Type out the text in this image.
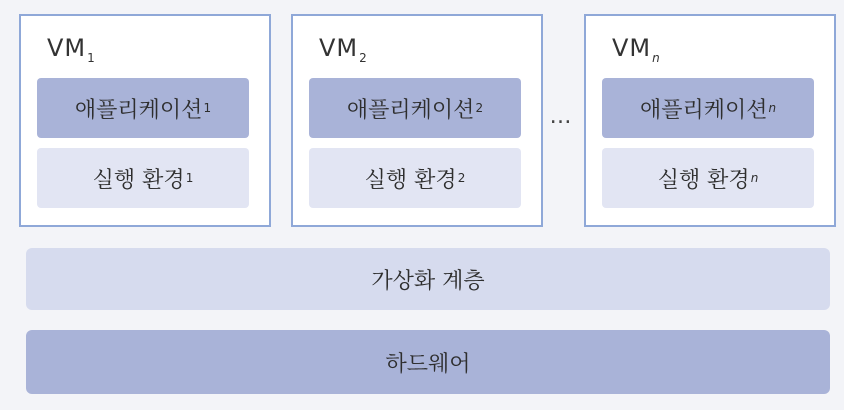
$VM_1$
애플리케이션 1
실행 환경 1
$VM_2$
애플리케이션 2
실행 환경 2
…
$VM_n$
애플리케이션 n
실행 환경 n
가상화 계층
하드웨어
